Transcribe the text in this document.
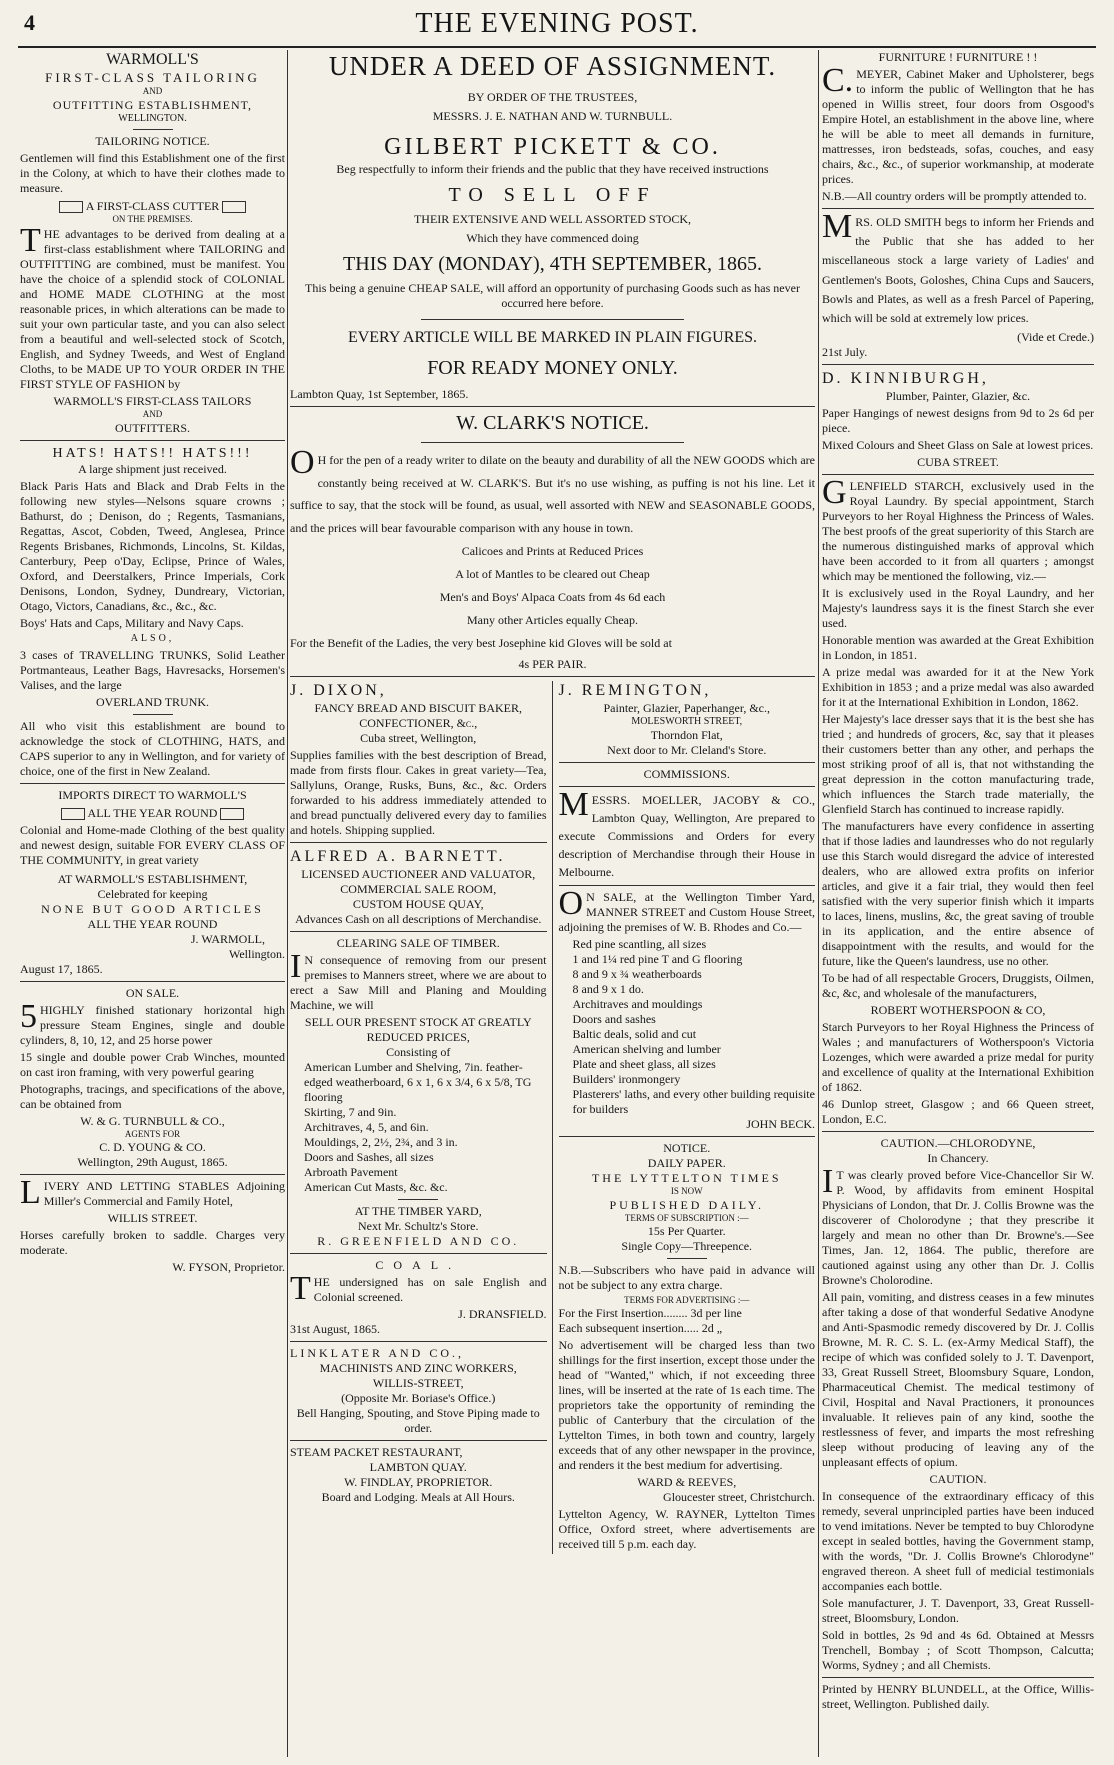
4	THE EVENING POST.
WARMOLL'S
FIRST-CLASS TAILORING
AND
OUTFITTING ESTABLISHMENT,
WELLINGTON.
TAILORING NOTICE.

Gentlemen will find this Establishment one of the first in the Colony, at which to have their clothes made to measure.

A FIRST-CLASS CUTTER
ON THE PREMISES.

THE advantages to be derived from dealing at a first-class establishment where TAILORING and OUTFITTING are combined, must be manifest. You have the choice of a splendid stock of COLONIAL and HOME MADE CLOTHING at the most reasonable prices, in which alterations can be made to suit your own particular taste, and you can also select from a beautiful and well-selected stock of Scotch, English, and Sydney Tweeds, and West of England Cloths, to be MADE UP TO YOUR ORDER IN THE FIRST STYLE OF FASHION by

WARMOLL'S FIRST-CLASS TAILORS
AND
OUTFITTERS.
HATS! HATS!! HATS!!!
A large shipment just received.

Black Paris Hats and Black and Drab Felts in the following new styles—Nelsons square crowns ; Bathurst, do ; Denison, do ; Regents, Tasmanians, Regattas, Ascot, Cobden, Tweed, Anglesea, Prince Regents Brisbanes, Richmonds, Lincolns, St. Kildas, Canterbury, Peep o'Day, Eclipse, Prince of Wales, Oxford, and Deerstalkers, Prince Imperials, Cork Denisons, London, Sydney, Dundreary, Victorian, Otago, Victors, Canadians, &c., &c., &c.

Boys' Hats and Caps, Military and Navy Caps.

ALSO,

3 cases of TRAVELLING TRUNKS, Solid Leather Portmanteaus, Leather Bags, Havresacks, Horsemen's Valises, and the large

OVERLAND TRUNK.

All who visit this establishment are bound to acknowledge the stock of CLOTHING, HATS, and CAPS superior to any in Wellington, and for variety of choice, one of the first in New Zealand.

IMPORTS DIRECT TO WARMOLL'S
ALL THE YEAR ROUND

Colonial and Home-made Clothing of the best quality and newest design, suitable FOR EVERY CLASS OF THE COMMUNITY, in great variety

AT WARMOLL'S ESTABLISHMENT,
Celebrated for keeping
NONE BUT GOOD ARTICLES
ALL THE YEAR ROUND
J. WARMOLL,
Wellington.
August 17, 1865.
ON SALE.

5HIGHLY finished stationary horizontal high pressure Steam Engines, single and double cylinders, 8, 10, 12, and 25 horse power

15 single and double power Crab Winches, mounted on cast iron framing, with very powerful gearing

Photographs, tracings, and specifications of the above, can be obtained from

W. & G. TURNBULL & CO.,
AGENTS FOR
C. D. YOUNG & CO.
Wellington, 29th August, 1865.

LIVERY AND LETTING STABLES Adjoining Miller's Commercial and Family Hotel,

WILLIS STREET.

Horses carefully broken to saddle. Charges very moderate.

W. FYSON, Proprietor.
UNDER A DEED OF ASSIGNMENT.
BY ORDER OF THE TRUSTEES,
MESSRS. J. E. NATHAN AND W. TURNBULL.
GILBERT PICKETT & CO.
Beg respectfully to inform their friends and the public that they have received instructions
TO SELL OFF
THEIR EXTENSIVE AND WELL ASSORTED STOCK,
Which they have commenced doing
THIS DAY (MONDAY), 4TH SEPTEMBER, 1865.

This being a genuine CHEAP SALE, will afford an opportunity of purchasing Goods such as has never occurred here before.

EVERY ARTICLE WILL BE MARKED IN PLAIN FIGURES.
FOR READY MONEY ONLY.
Lambton Quay, 1st September, 1865.
W. CLARK'S NOTICE.

OH for the pen of a ready writer to dilate on the beauty and durability of all the NEW GOODS which are constantly being received at W. CLARK'S. But it's no use wishing, as puffing is not his line. Let it suffice to say, that the stock will be found, as usual, well assorted with NEW and SEASONABLE GOODS, and the prices will bear favourable comparison with any house in town.

Calicoes and Prints at Reduced Prices
A lot of Mantles to be cleared out Cheap
Men's and Boys' Alpaca Coats from 4s 6d each
Many other Articles equally Cheap.

For the Benefit of the Ladies, the very best Josephine kid Gloves will be sold at

4s PER PAIR.
J. DIXON,
FANCY BREAD AND BISCUIT BAKER, CONFECTIONER, &c.,
Cuba street, Wellington,

Supplies families with the best description of Bread, made from firsts flour. Cakes in great variety—Tea, Sallyluns, Orange, Rusks, Buns, &c., &c. Orders forwarded to his address immediately attended to and bread punctually delivered every day to families and hotels. Shipping supplied.

ALFRED A. BARNETT.
LICENSED AUCTIONEER AND VALUATOR,
COMMERCIAL SALE ROOM,
CUSTOM HOUSE QUAY,
Advances Cash on all descriptions of Merchandise.
CLEARING SALE OF TIMBER.

IN consequence of removing from our present premises to Manners street, where we are about to erect a Saw Mill and Planing and Moulding Machine, we will

SELL OUR PRESENT STOCK AT GREATLY REDUCED PRICES,
Consisting of
American Lumber and Shelving, 7in. feather-edged weatherboard, 6 x 1, 6 x 3/4, 6 x 5/8, TG flooring
Skirting, 7 and 9in.
Architraves, 4, 5, and 6in.
Mouldings, 2, 2½, 2¾, and 3 in.
Doors and Sashes, all sizes
Arbroath Pavement
American Cut Masts, &c. &c.
AT THE TIMBER YARD,
Next Mr. Schultz's Store.
R. GREENFIELD AND CO.
COAL.

THE undersigned has on sale English and Colonial screened.

J. DRANSFIELD.
31st August, 1865.
LINKLATER AND CO.,
MACHINISTS AND ZINC WORKERS,
WILLIS-STREET,
(Opposite Mr. Boriase's Office.)
Bell Hanging, Spouting, and Stove Piping made to order.
STEAM PACKET RESTAURANT,
LAMBTON QUAY.
W. FINDLAY, PROPRIETOR.
Board and Lodging. Meals at All Hours.
J. REMINGTON,
Painter, Glazier, Paperhanger, &c.,
MOLESWORTH STREET,
Thorndon Flat,
Next door to Mr. Cleland's Store.
COMMISSIONS.

MESSRS. MOELLER, JACOBY & CO., Lambton Quay, Wellington, Are prepared to execute Commissions and Orders for every description of Merchandise through their House in Melbourne.

ON SALE, at the Wellington Timber Yard, MANNER STREET and Custom House Street, adjoining the premises of W. B. Rhodes and Co.—

Red pine scantling, all sizes
1 and 1¼ red pine T and G flooring
8 and 9 x ¾ weatherboards
8 and 9 x 1 do.
Architraves and mouldings
Doors and sashes
Baltic deals, solid and cut
American shelving and lumber
Plate and sheet glass, all sizes
Builders' ironmongery
Plasterers' laths, and every other building requisite for builders
JOHN BECK.
NOTICE.
DAILY PAPER.
THE LYTTELTON TIMES
IS NOW
PUBLISHED DAILY.
TERMS OF SUBSCRIPTION :—
15s Per Quarter.
Single Copy—Threepence.

N.B.—Subscribers who have paid in advance will not be subject to any extra charge.

TERMS FOR ADVERTISING :—
For the First Insertion........ 3d per line
Each subsequent insertion..... 2d „

No advertisement will be charged less than two shillings for the first insertion, except those under the head of "Wanted," which, if not exceeding three lines, will be inserted at the rate of 1s each time. The proprietors take the opportunity of reminding the public of Canterbury that the circulation of the Lyttelton Times, in both town and country, largely exceeds that of any other newspaper in the province, and renders it the best medium for advertising.

WARD & REEVES,
Gloucester street, Christchurch.

Lyttelton Agency, W. RAYNER, Lyttelton Times Office, Oxford street, where advertisements are received till 5 p.m. each day.

FURNITURE ! FURNITURE ! !

C.MEYER, Cabinet Maker and Upholsterer, begs to inform the public of Wellington that he has opened in Willis street, four doors from Osgood's Empire Hotel, an establishment in the above line, where he will be able to meet all demands in furniture, mattresses, iron bedsteads, sofas, couches, and easy chairs, &c., &c., of superior workmanship, at moderate prices.

N.B.—All country orders will be promptly attended to.

MRS. OLD SMITH begs to inform her Friends and the Public that she has added to her miscellaneous stock a large variety of Ladies' and Gentlemen's Boots, Goloshes, China Cups and Saucers, Bowls and Plates, as well as a fresh Parcel of Papering, which will be sold at extremely low prices.

(Vide et Crede.)
21st July.
D. KINNIBURGH,
Plumber, Painter, Glazier, &c.

Paper Hangings of newest designs from 9d to 2s 6d per piece.

Mixed Colours and Sheet Glass on Sale at lowest prices.

CUBA STREET.

GLENFIELD STARCH, exclusively used in the Royal Laundry. By special appointment, Starch Purveyors to her Royal Highness the Princess of Wales. The best proofs of the great superiority of this Starch are the numerous distinguished marks of approval which have been accorded to it from all quarters ; amongst which may be mentioned the following, viz.—

It is exclusively used in the Royal Laundry, and her Majesty's laundress says it is the finest Starch she ever used.

Honorable mention was awarded at the Great Exhibition in London, in 1851.

A prize medal was awarded for it at the New York Exhibition in 1853 ; and a prize medal was also awarded for it at the International Exhibition in London, 1862.

Her Majesty's lace dresser says that it is the best she has tried ; and hundreds of grocers, &c, say that it pleases their customers better than any other, and perhaps the most striking proof of all is, that not withstanding the great depression in the cotton manufacturing trade, which influences the Starch trade materially, the Glenfield Starch has continued to increase rapidly.

The manufacturers have every confidence in asserting that if those ladies and laundresses who do not regularly use this Starch would disregard the advice of interested dealers, who are allowed extra profits on inferior articles, and give it a fair trial, they would then feel satisfied with the very superior finish which it imparts to laces, linens, muslins, &c, the great saving of trouble in its application, and the entire absence of disappointment with the results, and would for the future, like the Queen's laundress, use no other.

To be had of all respectable Grocers, Druggists, Oilmen, &c, &c, and wholesale of the manufacturers,

ROBERT WOTHERSPOON & CO,

Starch Purveyors to her Royal Highness the Princess of Wales ; and manufacturers of Wotherspoon's Victoria Lozenges, which were awarded a prize medal for purity and excellence of quality at the International Exhibition of 1862.

46 Dunlop street, Glasgow ; and 66 Queen street, London, E.C.

CAUTION.—CHLORODYNE,
In Chancery.

IT was clearly proved before Vice-Chancellor Sir W. P. Wood, by affidavits from eminent Hospital Physicians of London, that Dr. J. Collis Browne was the discoverer of Cholorodyne ; that they prescribe it largely and mean no other than Dr. Browne's.—See Times, Jan. 12, 1864. The public, therefore are cautioned against using any other than Dr. J. Collis Browne's Cholorodine.

All pain, vomiting, and distress ceases in a few minutes after taking a dose of that wonderful Sedative Anodyne and Anti-Spasmodic remedy discovered by Dr. J. Collis Browne, M. R. C. S. L. (ex-Army Medical Staff), the recipe of which was confided solely to J. T. Davenport, 33, Great Russell Street, Bloomsbury Square, London, Pharmaceutical Chemist. The medical testimony of Civil, Hospital and Naval Practioners, it pronounces invaluable. It relieves pain of any kind, soothe the restlessness of fever, and imparts the most refreshing sleep without producing of leaving any of the unpleasant effects of opium.

CAUTION.

In consequence of the extraordinary efficacy of this remedy, several unprincipled parties have been induced to vend imitations. Never be tempted to buy Chlorodyne except in sealed bottles, having the Government stamp, with the words, "Dr. J. Collis Browne's Chlorodyne" engraved thereon. A sheet full of medicial testimonials accompanies each bottle.

Sole manufacturer, J. T. Davenport, 33, Great Russell-street, Bloomsbury, London.

Sold in bottles, 2s 9d and 4s 6d. Obtained at Messrs Trenchell, Bombay ; of Scott Thompson, Calcutta; Worms, Sydney ; and all Chemists.

Printed by HENRY BLUNDELL, at the Office, Willis-street, Wellington. Published daily.
